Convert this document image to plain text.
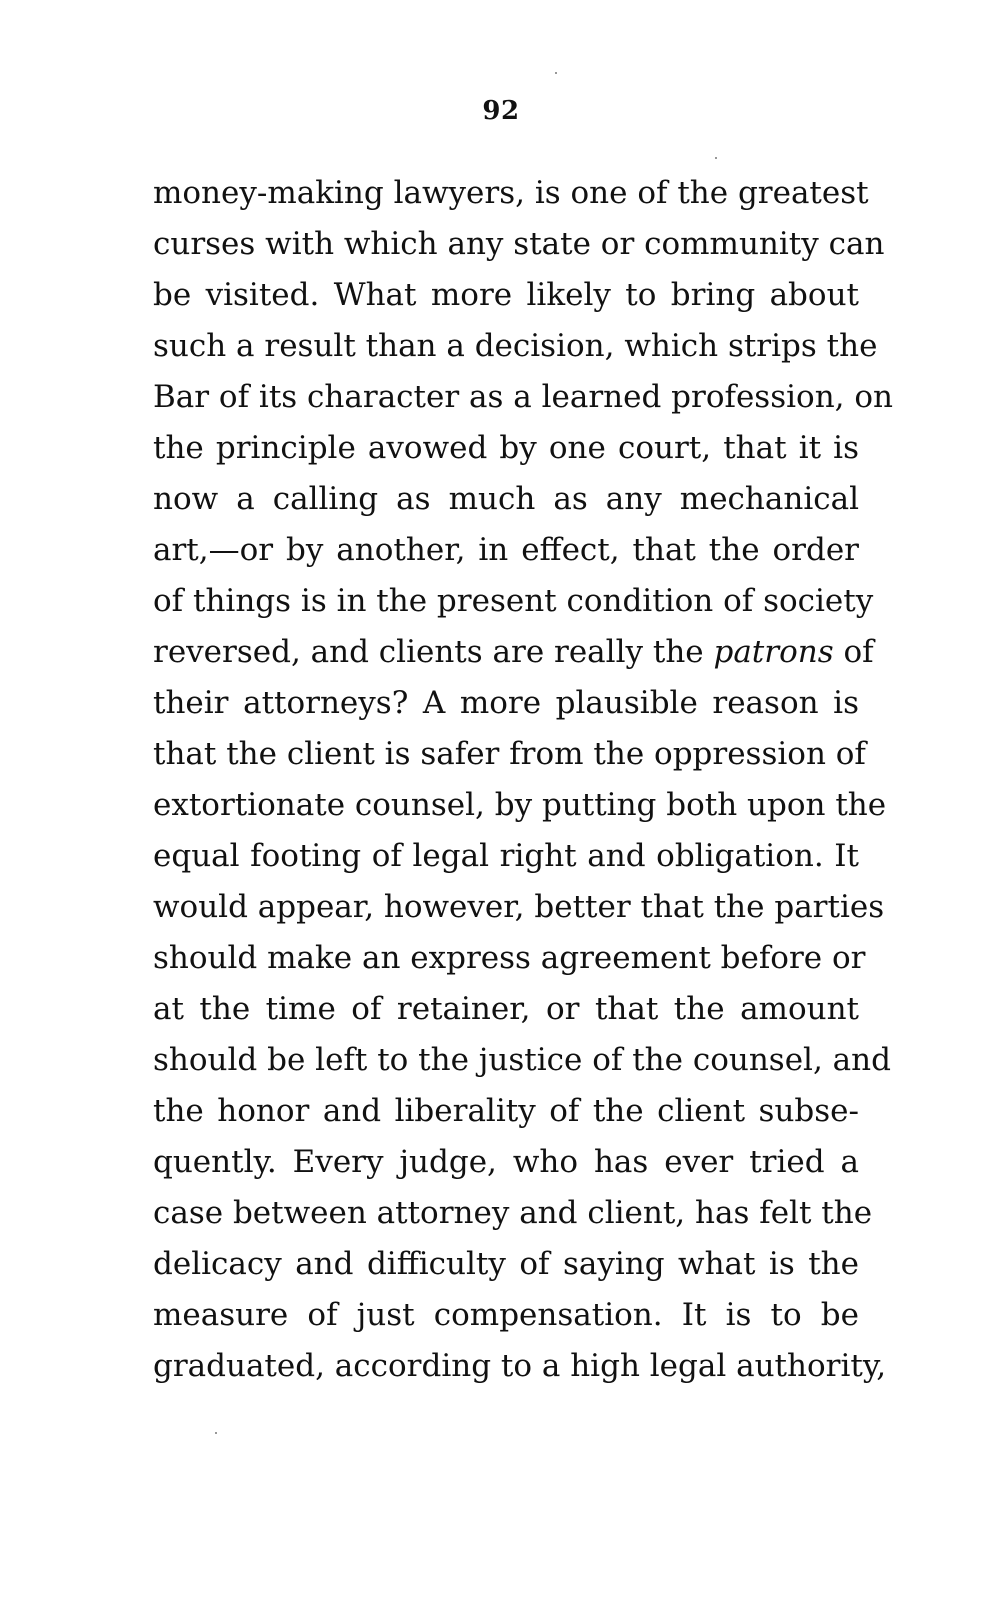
92
money-making lawyers, is one of the greatest
curses with which any state or community can
be visited. What more likely to bring about
such a result than a decision, which strips the
Bar of its character as a learned profession, on
the principle avowed by one court, that it is
now a calling as much as any mechanical
art,—or by another, in effect, that the order
of things is in the present condition of society
reversed, and clients are really the patrons of
their attorneys? A more plausible reason is
that the client is safer from the oppression of
extortionate counsel, by putting both upon the
equal footing of legal right and obligation. It
would appear, however, better that the parties
should make an express agreement before or
at the time of retainer, or that the amount
should be left to the justice of the counsel, and
the honor and liberality of the client subse-
quently. Every judge, who has ever tried a
case between attorney and client, has felt the
delicacy and difficulty of saying what is the
measure of just compensation. It is to be
graduated, according to a high legal authority,
